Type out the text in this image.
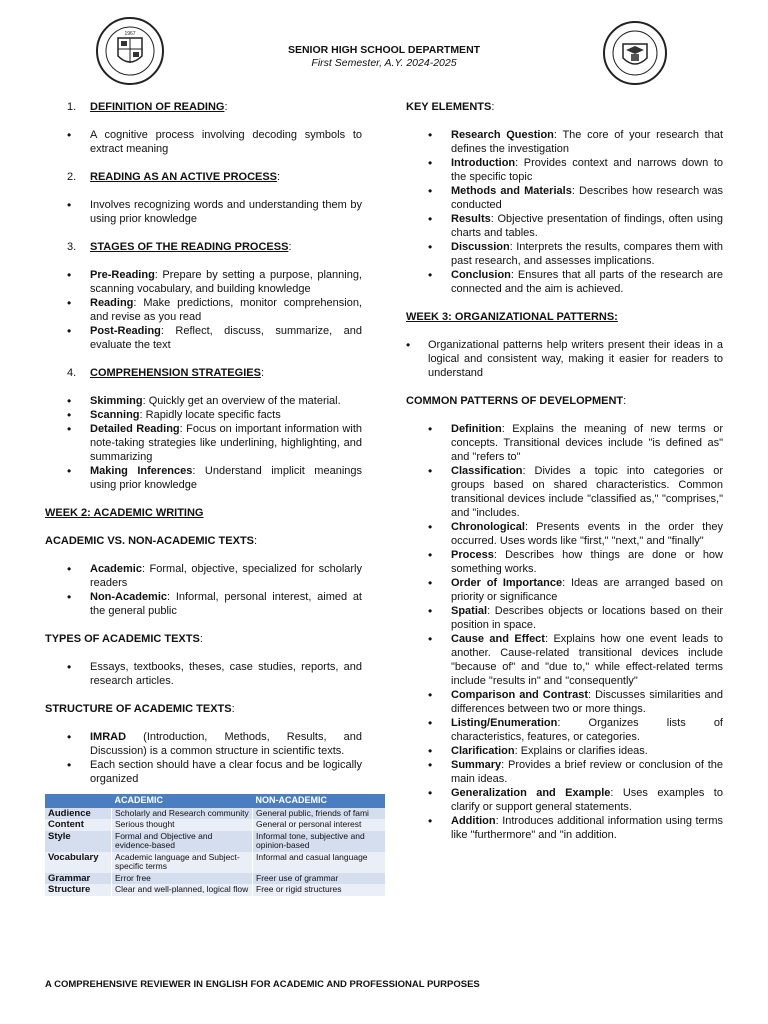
1967
SENIOR HIGH SCHOOL DEPARTMENT
First Semester, A.Y. 2024-2025
1.	DEFINITION OF READING:
• A cognitive process involving decoding symbols to extract meaning
2.	READING AS AN ACTIVE PROCESS:
• Involves recognizing words and understanding them by using prior knowledge
3.	STAGES OF THE READING PROCESS:
• Pre-Reading: Prepare by setting a purpose, planning, scanning vocabulary, and building knowledge
• Reading: Make predictions, monitor comprehension, and revise as you read
• Post-Reading: Reflect, discuss, summarize, and evaluate the text
4.	COMPREHENSION STRATEGIES:
• Skimming: Quickly get an overview of the material.
• Scanning: Rapidly locate specific facts
• Detailed Reading: Focus on important information with note-taking strategies like underlining, highlighting, and summarizing
• Making Inferences: Understand implicit meanings using prior knowledge
WEEK 2: ACADEMIC WRITING
ACADEMIC VS. NON-ACADEMIC TEXTS:
• Academic: Formal, objective, specialized for scholarly readers
• Non-Academic: Informal, personal interest, aimed at the general public
TYPES OF ACADEMIC TEXTS:
• Essays, textbooks, theses, case studies, reports, and research articles.
STRUCTURE OF ACADEMIC TEXTS:
• IMRAD (Introduction, Methods, Results, and Discussion) is a common structure in scientific texts.
• Each section should have a clear focus and be logically organized
	ACADEMIC	NON-ACADEMIC
Audience	Scholarly and Research community	General public, friends of fami
Content	Serious thought	General or personal interest
Style	Formal and Objective and evidence-based	Informal tone, subjective and opinion-based
Vocabulary	Academic language and Subject-specific terms	Informal and casual language
Grammar	Error free	Freer use of grammar
Structure	Clear and well-planned, logical flow	Free or rigid structures
KEY ELEMENTS:
• Research Question: The core of your research that defines the investigation
• Introduction: Provides context and narrows down to the specific topic
• Methods and Materials: Describes how research was conducted
• Results: Objective presentation of findings, often using charts and tables.
• Discussion: Interprets the results, compares them with past research, and assesses implications.
• Conclusion: Ensures that all parts of the research are connected and the aim is achieved.
WEEK 3: ORGANIZATIONAL PATTERNS:
• Organizational patterns help writers present their ideas in a logical and consistent way, making it easier for readers to understand
COMMON PATTERNS OF DEVELOPMENT:
• Definition: Explains the meaning of new terms or concepts. Transitional devices include "is defined as" and "refers to"
• Classification: Divides a topic into categories or groups based on shared characteristics. Common transitional devices include "classified as," "comprises," and "includes.
• Chronological: Presents events in the order they occurred. Uses words like "first," "next," and "finally"
• Process: Describes how things are done or how something works.
• Order of Importance: Ideas are arranged based on priority or significance
• Spatial: Describes objects or locations based on their position in space.
• Cause and Effect: Explains how one event leads to another. Cause-related transitional devices include "because of" and "due to," while effect-related terms include "results in" and "consequently"
• Comparison and Contrast: Discusses similarities and differences between two or more things.
• Listing/Enumeration: Organizes lists of characteristics, features, or categories.
• Clarification: Explains or clarifies ideas.
• Summary: Provides a brief review or conclusion of the main ideas.
• Generalization and Example: Uses examples to clarify or support general statements.
• Addition: Introduces additional information using terms like "furthermore" and "in addition.
A COMPREHENSIVE REVIEWER IN ENGLISH FOR ACADEMIC AND PROFESSIONAL PURPOSES
